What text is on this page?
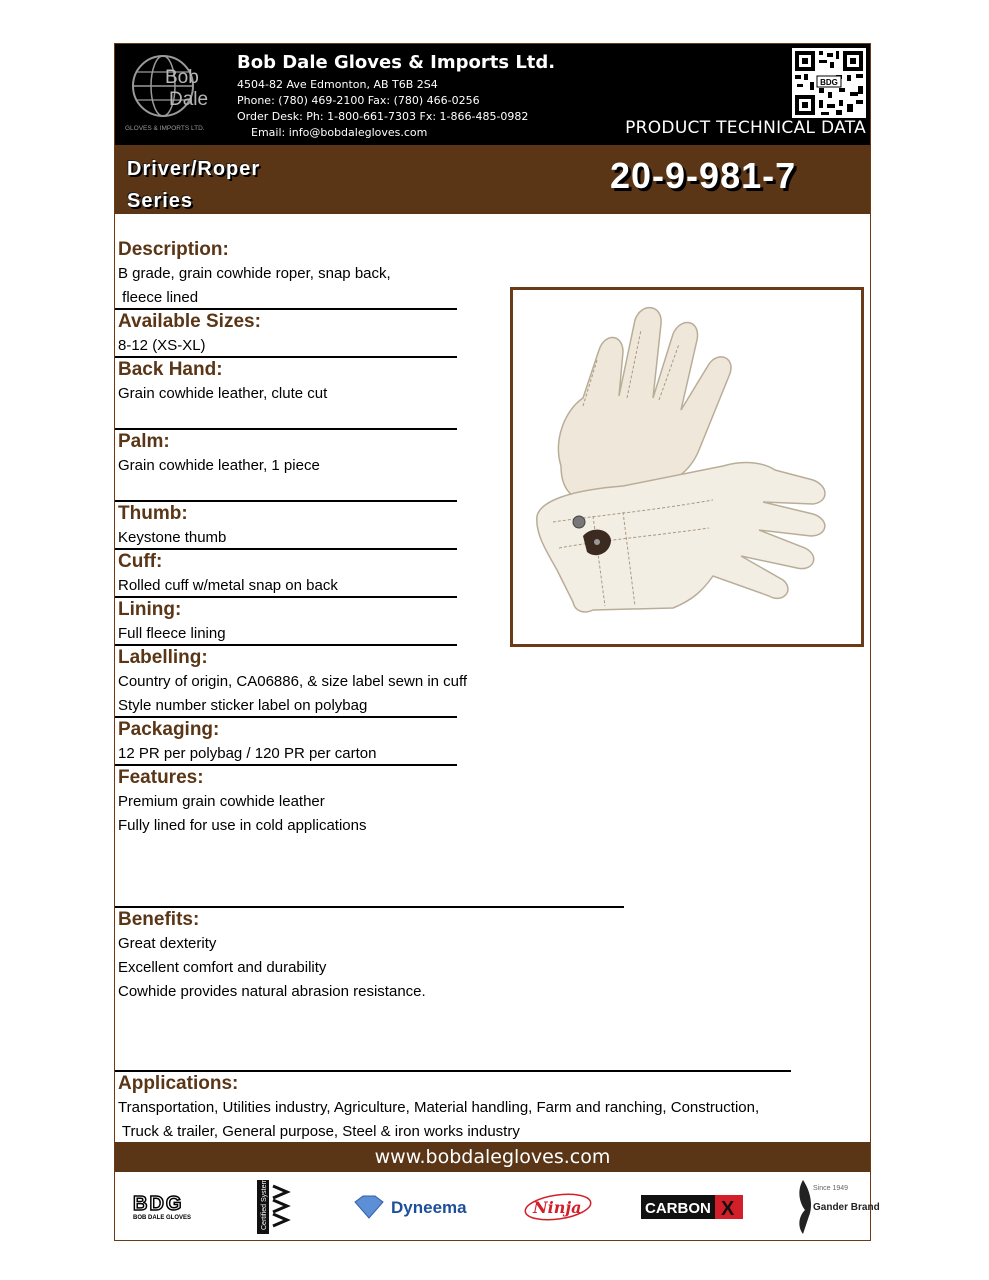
Bob
Dale
GLOVES & IMPORTS LTD.
Bob Dale Gloves & Imports Ltd.
4504-82 Ave Edmonton, AB T6B 2S4
Phone: (780) 469-2100 Fax: (780) 466-0256
Order Desk: Ph: 1-800-661-7303 Fx: 1-866-485-0982
Email: info@bobdalegloves.com
BDG
PRODUCT TECHNICAL DATA
Driver/Roper
Series
20-9-981-7
Description:

B grade, grain cowhide roper, snap back,

fleece lined

Available Sizes:

8-12 (XS-XL)

Back Hand:

Grain cowhide leather, clute cut

Palm:

Grain cowhide leather, 1 piece

Thumb:

Keystone thumb

Cuff:

Rolled cuff w/metal snap on back

Lining:

Full fleece lining

Labelling:

Country of origin, CA06886, & size label sewn in cuff

Style number sticker label on polybag

Packaging:

12 PR per polybag / 120 PR per carton

Features:

Premium grain cowhide leather

Fully lined for use in cold applications

Benefits:

Great dexterity

Excellent comfort and durability

Cowhide provides natural abrasion resistance.

Applications:

Transportation, Utilities industry, Agriculture, Material handling, Farm and ranching, Construction,

Truck & trailer, General purpose, Steel & iron works industry

www.bobdalegloves.com
BDG
BOB DALE GLOVES	Certified System	Dyneema	Ninja	CARBON X
Since 1949
Gander Brand
